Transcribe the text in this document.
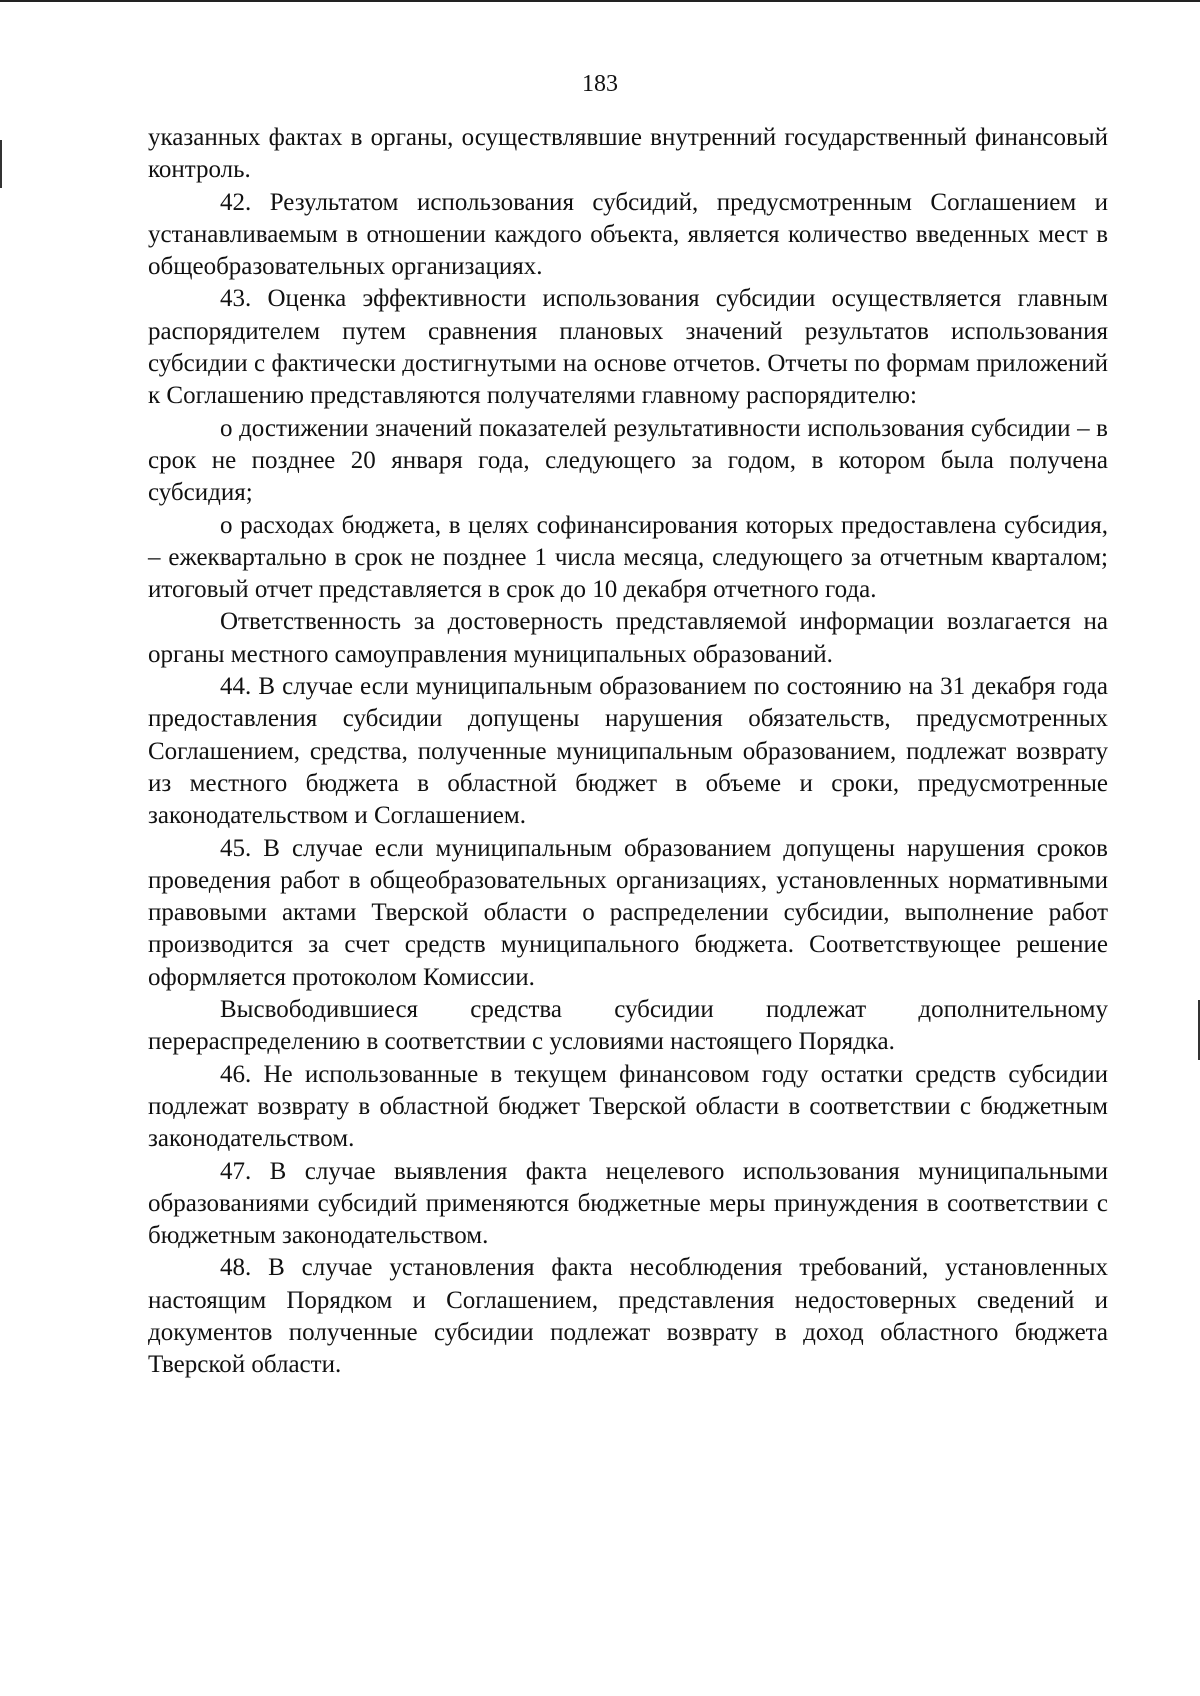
183

указанных фактах в органы, осуществлявшие внутренний государственный финансовый контроль.

42. Результатом использования субсидий, предусмотренным Соглашением и устанавливаемым в отношении каждого объекта, является количество введенных мест в общеобразовательных организациях.

43. Оценка эффективности использования субсидии осуществляется главным распорядителем путем сравнения плановых значений результатов использования субсидии с фактически достигнутыми на основе отчетов. Отчеты по формам приложений к Соглашению представляются получателями главному распорядителю:

о достижении значений показателей результативности использования субсидии – в срок не позднее 20 января года, следующего за годом, в котором была получена субсидия;

о расходах бюджета, в целях софинансирования которых предоставлена субсидия, – ежеквартально в срок не позднее 1 числа месяца, следующего за отчетным кварталом; итоговый отчет представляется в срок до 10 декабря отчетного года.

Ответственность за достоверность представляемой информации возлагается на органы местного самоуправления муниципальных образований.

44. В случае если муниципальным образованием по состоянию на 31 декабря года предоставления субсидии допущены нарушения обязательств, предусмотренных Соглашением, средства, полученные муниципальным образованием, подлежат возврату из местного бюджета в областной бюджет в объеме и сроки, предусмотренные законодательством и Соглашением.

45. В случае если муниципальным образованием допущены нарушения сроков проведения работ в общеобразовательных организациях, установленных нормативными правовыми актами Тверской области о распределении субсидии, выполнение работ производится за счет средств муниципального бюджета. Соответствующее решение оформляется протоколом Комиссии.

Высвободившиеся средства субсидии подлежат дополнительному перераспределению в соответствии с условиями настоящего Порядка.

46. Не использованные в текущем финансовом году остатки средств субсидии подлежат возврату в областной бюджет Тверской области в соответствии с бюджетным законодательством.

47. В случае выявления факта нецелевого использования муниципальными образованиями субсидий применяются бюджетные меры принуждения в соответствии с бюджетным законодательством.

48. В случае установления факта несоблюдения требований, установленных настоящим Порядком и Соглашением, представления недостоверных сведений и документов полученные субсидии подлежат возврату в доход областного бюджета Тверской области.
